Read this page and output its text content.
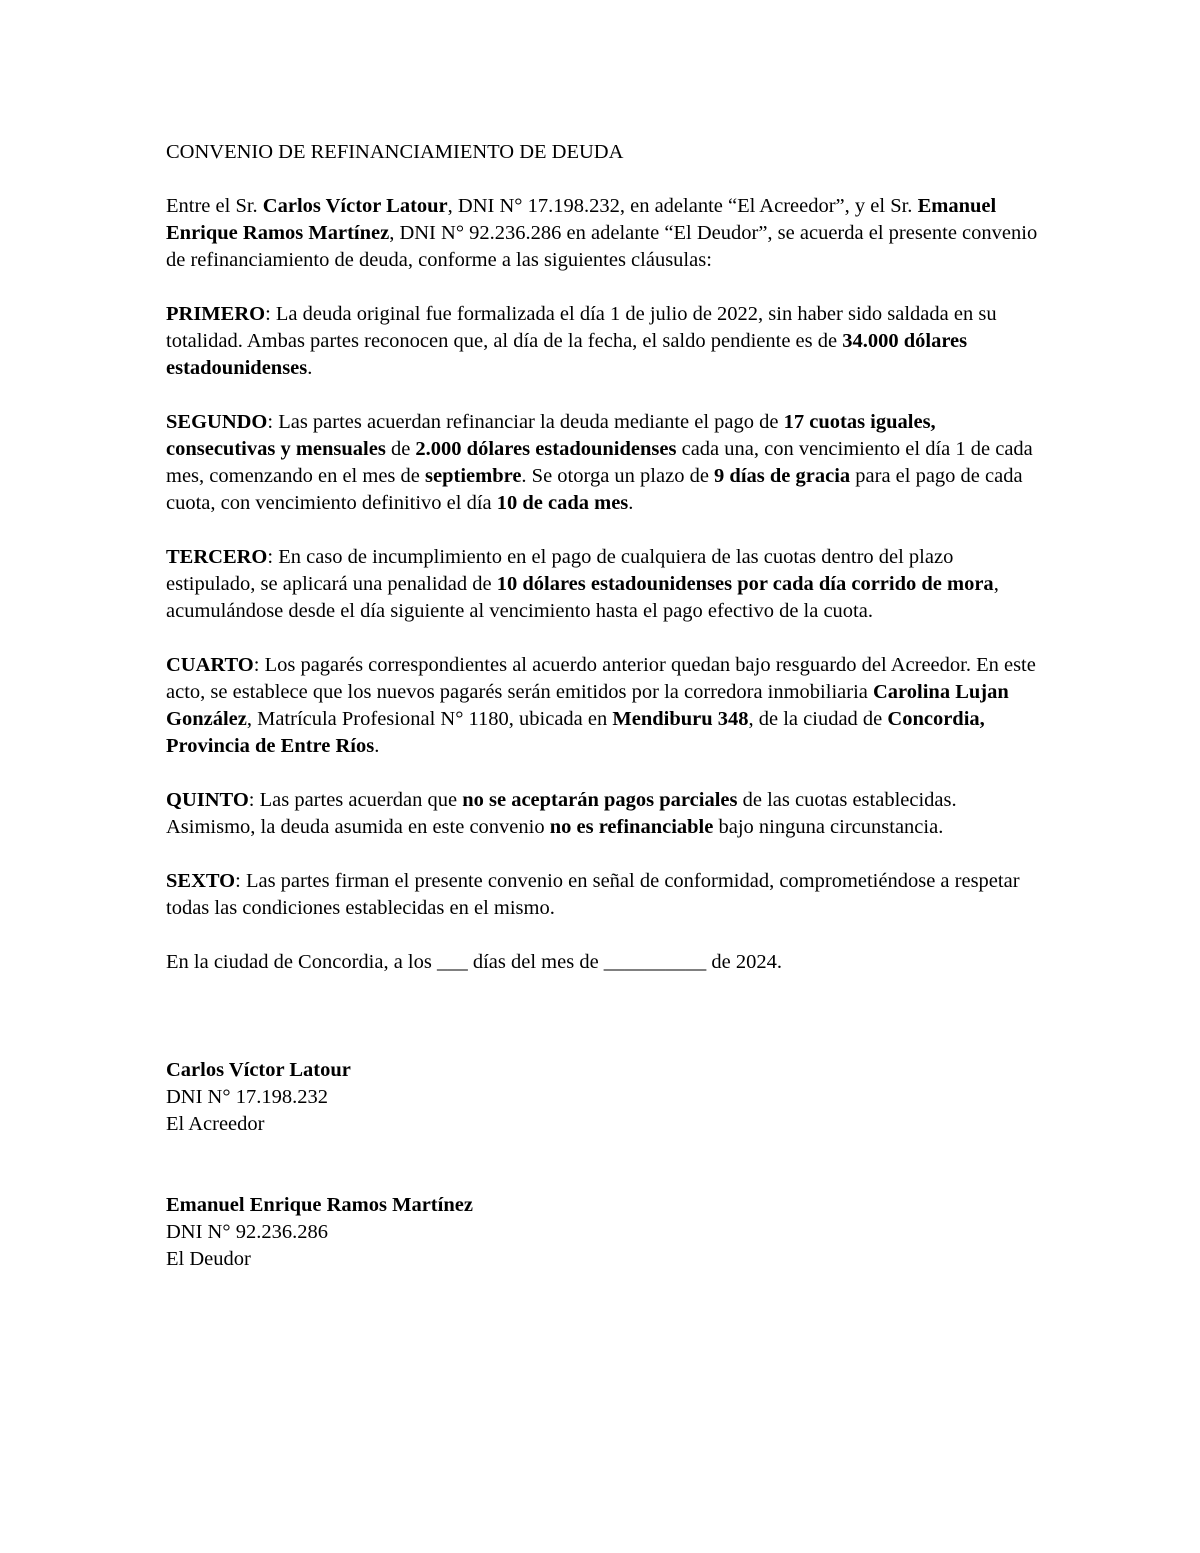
CONVENIO DE REFINANCIAMIENTO DE DEUDA

Entre el Sr. Carlos Víctor Latour, DNI N° 17.198.232, en adelante “El Acreedor”, y el Sr. Emanuel Enrique Ramos Martínez, DNI N° 92.236.286 en adelante “El Deudor”, se acuerda el presente convenio de refinanciamiento de deuda, conforme a las siguientes cláusulas:

PRIMERO: La deuda original fue formalizada el día 1 de julio de 2022, sin haber sido saldada en su totalidad. Ambas partes reconocen que, al día de la fecha, el saldo pendiente es de 34.000 dólares estadounidenses.

SEGUNDO: Las partes acuerdan refinanciar la deuda mediante el pago de 17 cuotas iguales, consecutivas y mensuales de 2.000 dólares estadounidenses cada una, con vencimiento el día 1 de cada mes, comenzando en el mes de septiembre. Se otorga un plazo de 9 días de gracia para el pago de cada cuota, con vencimiento definitivo el día 10 de cada mes.

TERCERO: En caso de incumplimiento en el pago de cualquiera de las cuotas dentro del plazo estipulado, se aplicará una penalidad de 10 dólares estadounidenses por cada día corrido de mora, acumulándose desde el día siguiente al vencimiento hasta el pago efectivo de la cuota.

CUARTO: Los pagarés correspondientes al acuerdo anterior quedan bajo resguardo del Acreedor. En este acto, se establece que los nuevos pagarés serán emitidos por la corredora inmobiliaria Carolina Lujan González, Matrícula Profesional N° 1180, ubicada en Mendiburu 348, de la ciudad de Concordia, Provincia de Entre Ríos.

QUINTO: Las partes acuerdan que no se aceptarán pagos parciales de las cuotas establecidas. Asimismo, la deuda asumida en este convenio no es refinanciable bajo ninguna circunstancia.

SEXTO: Las partes firman el presente convenio en señal de conformidad, comprometiéndose a respetar todas las condiciones establecidas en el mismo.

En la ciudad de Concordia, a los ___ días del mes de __________ de 2024.

Carlos Víctor Latour
DNI N° 17.198.232
El Acreedor
Emanuel Enrique Ramos Martínez
DNI N° 92.236.286
El Deudor
